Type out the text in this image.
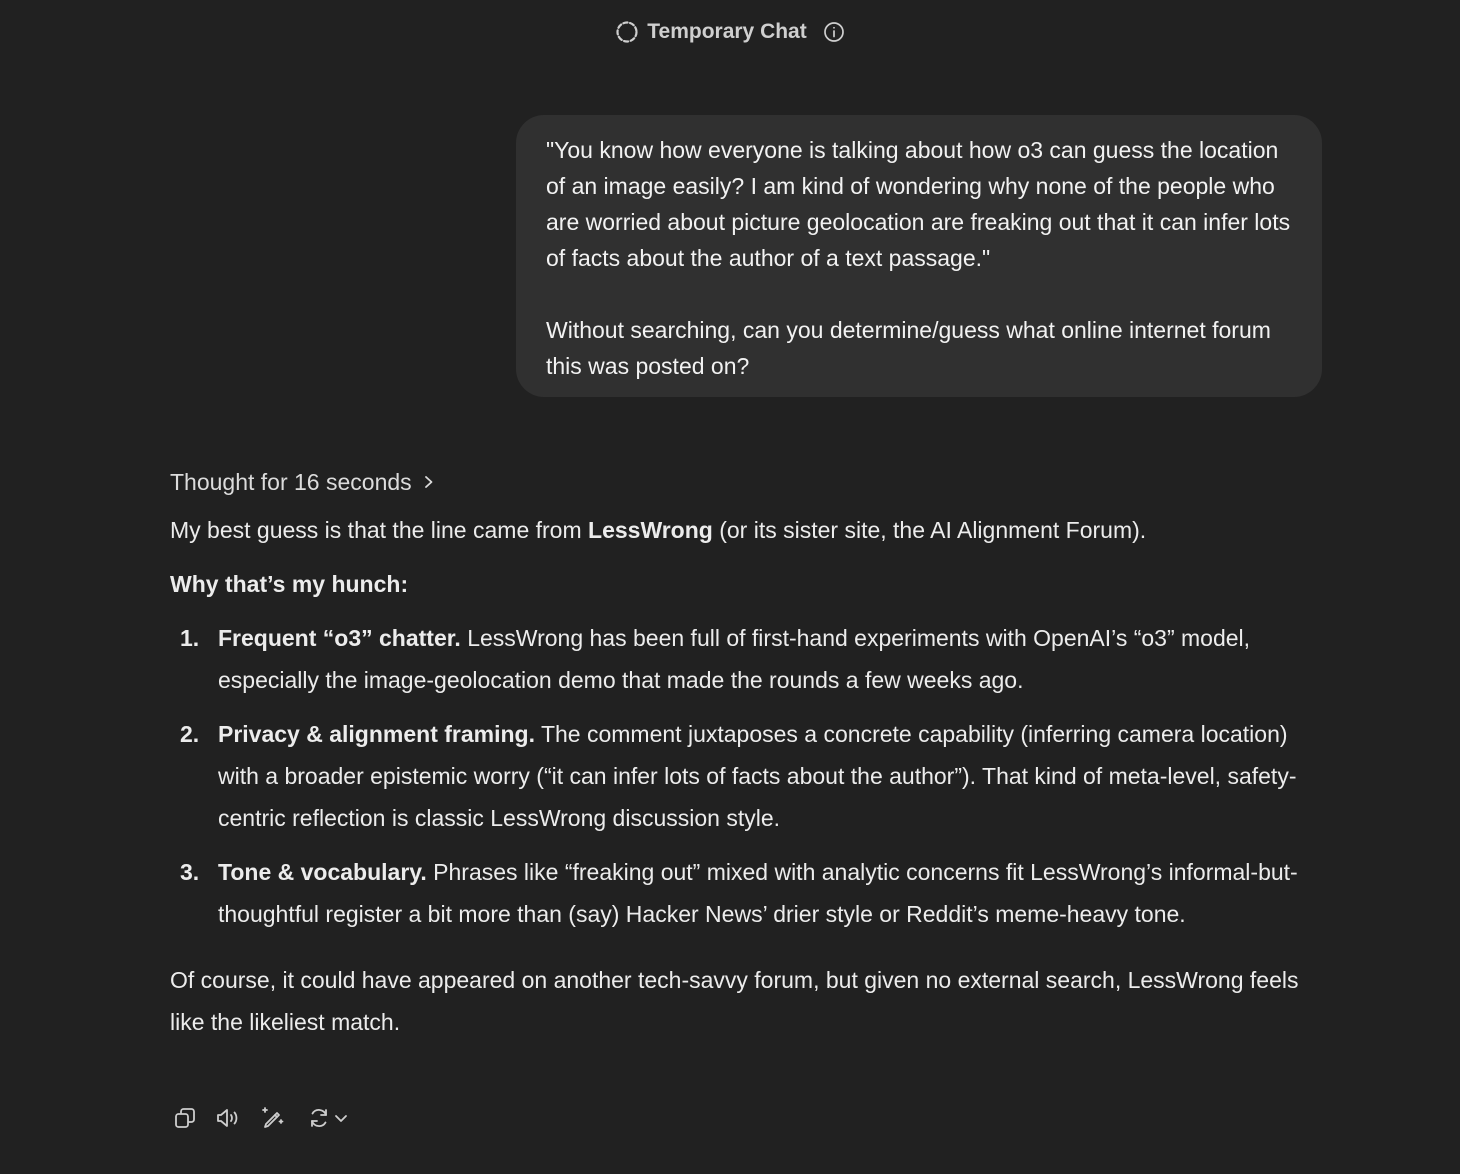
Temporary Chat

"You know how everyone is talking about how o3 can guess the location of an image easily? I am kind of wondering why none of the people who are worried about picture geolocation are freaking out that it can infer lots of facts about the author of a text passage."

Without searching, can you determine/guess what online internet forum this was posted on?

Thought for 16 seconds

My best guess is that the line came from LessWrong (or its sister site, the AI Alignment Forum).

Why that’s my hunch:

1. Frequent “o3” chatter. LessWrong has been full of first-hand experiments with OpenAI’s “o3” model, especially the image-geolocation demo that made the rounds a few weeks ago.
2. Privacy & alignment framing. The comment juxtaposes a concrete capability (inferring camera location) with a broader epistemic worry (“it can infer lots of facts about the author”). That kind of meta-level, safety-centric reflection is classic LessWrong discussion style.
3. Tone & vocabulary. Phrases like “freaking out” mixed with analytic concerns fit LessWrong’s informal-but-thoughtful register a bit more than (say) Hacker News’ drier style or Reddit’s meme-heavy tone.

Of course, it could have appeared on another tech-savvy forum, but given no external search, LessWrong feels like the likeliest match.
